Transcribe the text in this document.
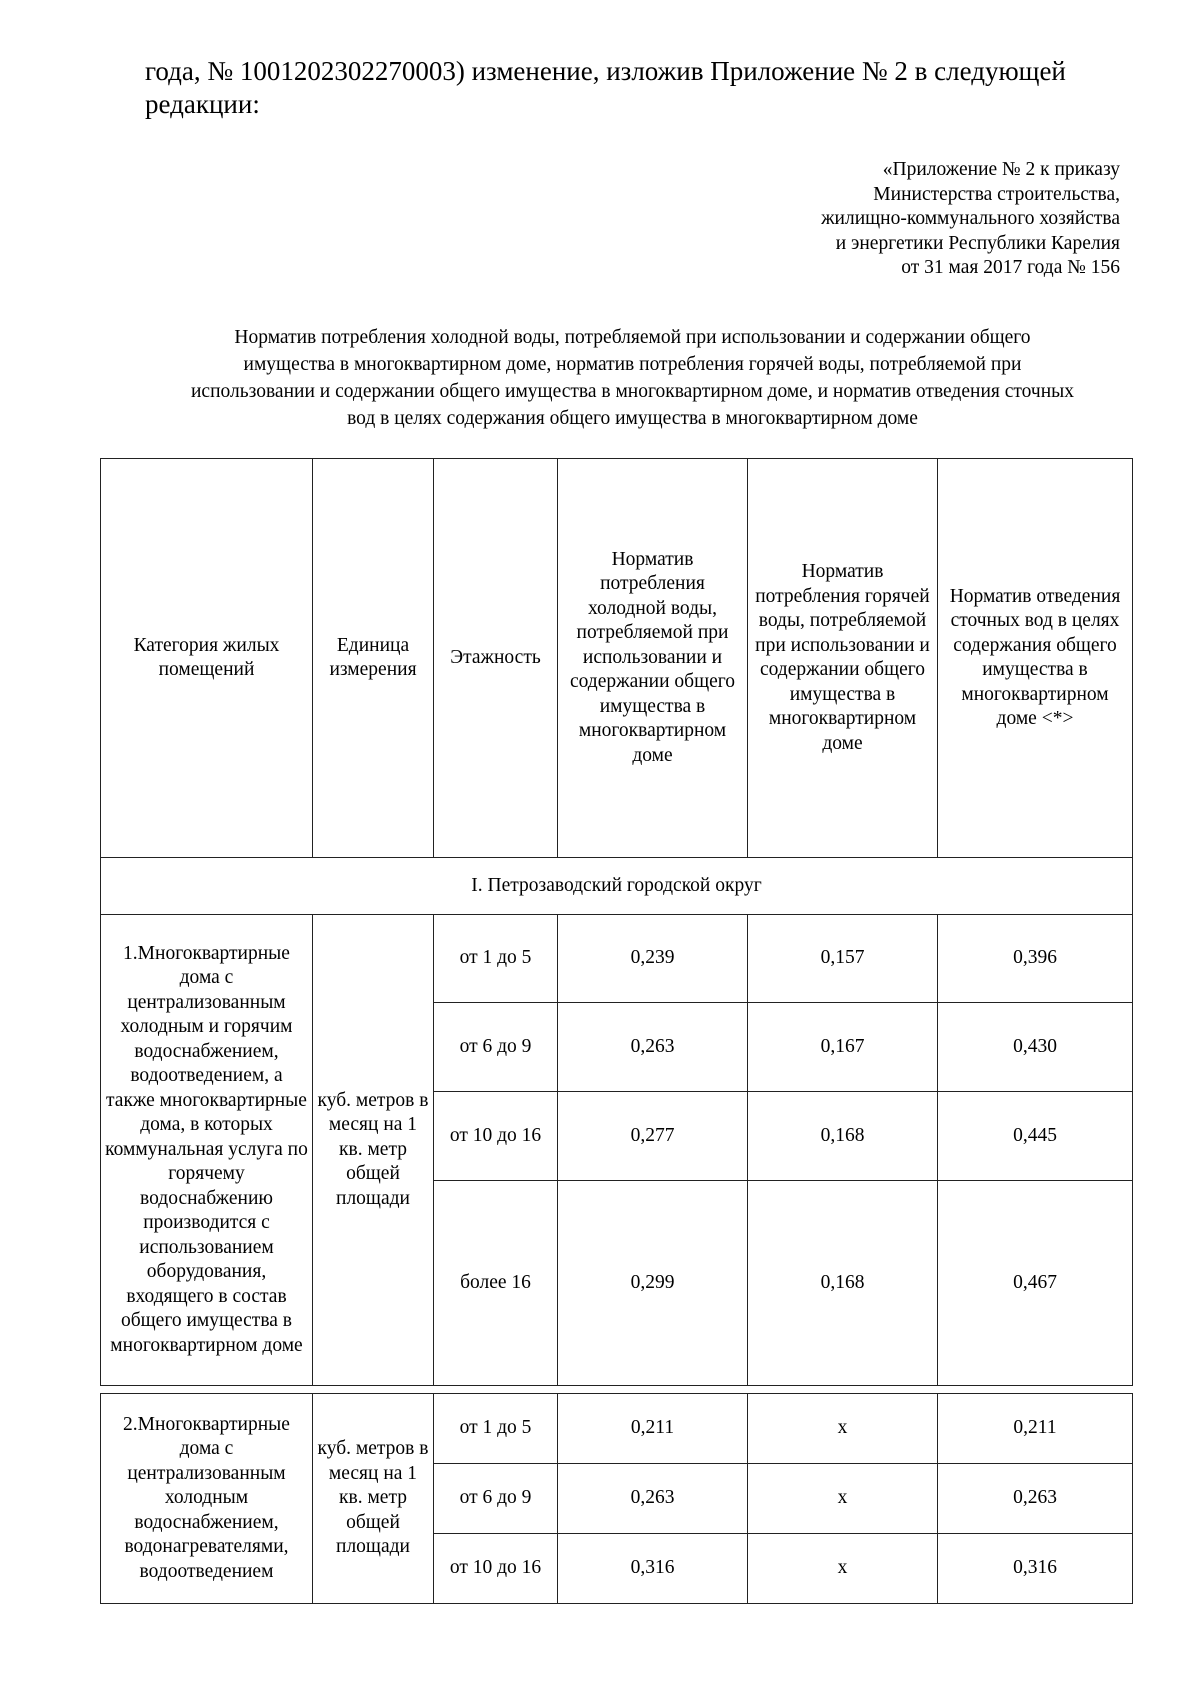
года, № 1001202302270003) изменение, изложив Приложение № 2 в следующей редакции:

«Приложение № 2 к приказу
Министерства строительства,
жилищно-коммунального хозяйства
и энергетики Республики Карелия
от 31 мая 2017 года № 156
Норматив потребления холодной воды, потребляемой при использовании и содержании общего
имущества в многоквартирном доме, норматив потребления горячей воды, потребляемой при
использовании и содержании общего имущества в многоквартирном доме, и норматив отведения сточных
вод в целях содержания общего имущества в многоквартирном доме
Категория жилых помещений	Единица измерения	Этажность	Норматив потребления холодной воды, потребляемой при использовании и содержании общего имущества в многоквартирном доме	Норматив потребления горячей воды, потребляемой при использовании и содержании общего имущества в многоквартирном доме	Норматив отведения сточных вод в целях содержания общего имущества в многоквартирном доме <*>
I. Петрозаводский городской округ					
1.Многоквартирные дома с централизованным холодным и горячим водоснабжением, водоотведением, а также многоквартирные дома, в которых коммунальная услуга по горячему водоснабжению производится с использованием оборудования, входящего в состав общего имущества в многоквартирном доме	куб. метров в месяц на 1 кв. метр общей площади	от 1 до 5	0,239	0,157	0,396
		от 6 до 9	0,263	0,167	0,430
		от 10 до 16	0,277	0,168	0,445
		более 16	0,299	0,168	0,467

2.Многоквартирные дома с централизованным холодным водоснабжением, водонагревателями, водоотведением	куб. метров в месяц на 1 кв. метр общей площади	от 1 до 5	0,211	х	0,211
		от 6 до 9	0,263	х	0,263
		от 10 до 16	0,316	х	0,316
